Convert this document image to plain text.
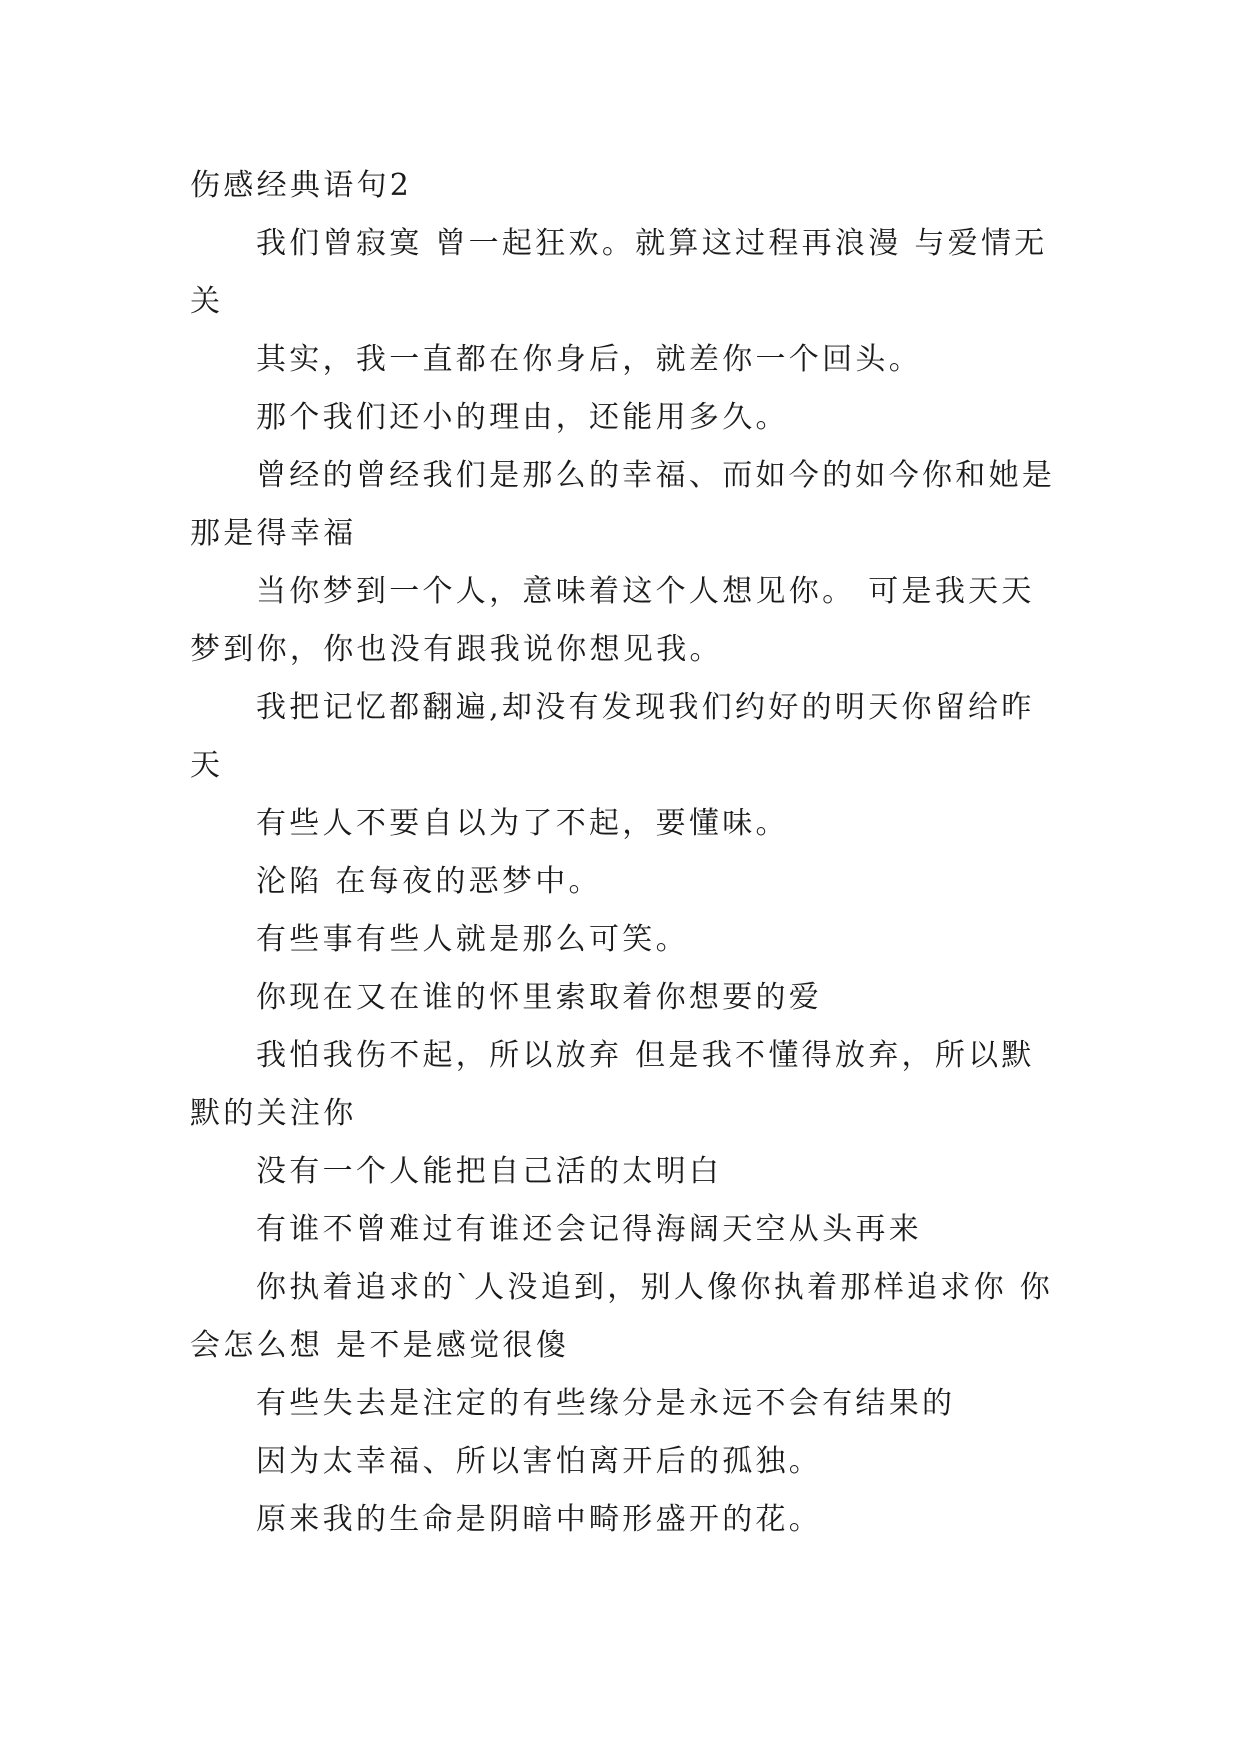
伤感经典语句2

我们曾寂寞 曾一起狂欢。就算这过程再浪漫 与爱情无关

其实，我一直都在你身后，就差你一个回头。

那个我们还小的理由，还能用多久。

曾经的曾经我们是那么的幸福、而如今的如今你和她是那是得幸福

当你梦到一个人，意味着这个人想见你。 可是我天天梦到你，你也没有跟我说你想见我。

我把记忆都翻遍,却没有发现我们约好的明天你留给昨天

有些人不要自以为了不起，要懂味。

沦陷 在每夜的恶梦中。

有些事有些人就是那么可笑。

你现在又在谁的怀里索取着你想要的爱

我怕我伤不起，所以放弃 但是我不懂得放弃，所以默默的关注你

没有一个人能把自己活的太明白

有谁不曾难过有谁还会记得海阔天空从头再来

你执着追求的`人没追到，别人像你执着那样追求你 你会怎么想 是不是感觉很傻

有些失去是注定的有些缘分是永远不会有结果的

因为太幸福、所以害怕离开后的孤独。

原来我的生命是阴暗中畸形盛开的花。
